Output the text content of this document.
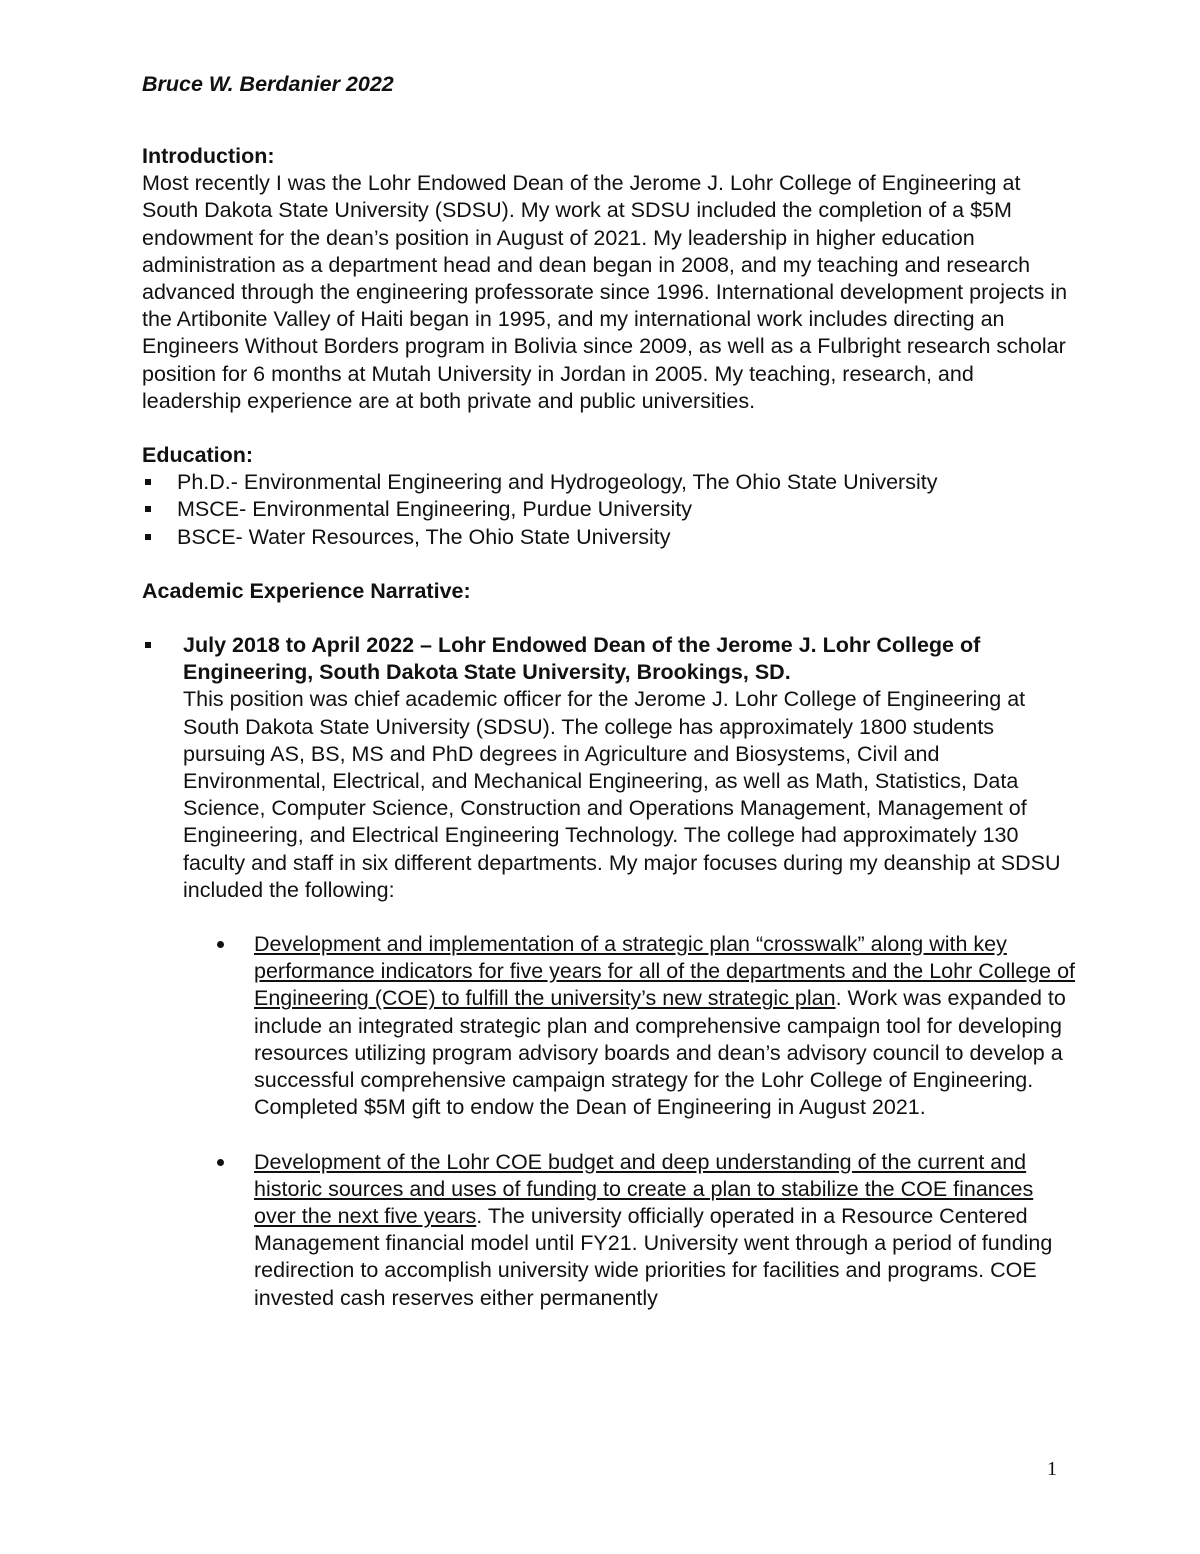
Bruce W. Berdanier 2022
Introduction:

Most recently I was the Lohr Endowed Dean of the Jerome J. Lohr College of Engineering at South Dakota State University (SDSU). My work at SDSU included the completion of a $5M endowment for the dean’s position in August of 2021. My leadership in higher education administration as a department head and dean began in 2008, and my teaching and research advanced through the engineering professorate since 1996. International development projects in the Artibonite Valley of Haiti began in 1995, and my international work includes directing an Engineers Without Borders program in Bolivia since 2009, as well as a Fulbright research scholar position for 6 months at Mutah University in Jordan in 2005. My teaching, research, and leadership experience are at both private and public universities.

Education:
Ph.D.- Environmental Engineering and Hydrogeology, The Ohio State University
MSCE- Environmental Engineering, Purdue University
BSCE- Water Resources, The Ohio State University
Academic Experience Narrative:
July 2018 to April 2022 – Lohr Endowed Dean of the Jerome J. Lohr College of Engineering, South Dakota State University, Brookings, SD.

This position was chief academic officer for the Jerome J. Lohr College of Engineering at South Dakota State University (SDSU). The college has approximately 1800 students pursuing AS, BS, MS and PhD degrees in Agriculture and Biosystems, Civil and Environmental, Electrical, and Mechanical Engineering, as well as Math, Statistics, Data Science, Computer Science, Construction and Operations Management, Management of Engineering, and Electrical Engineering Technology. The college had approximately 130 faculty and staff in six different departments. My major focuses during my deanship at SDSU included the following:

Development and implementation of a strategic plan “crosswalk” along with key performance indicators for five years for all of the departments and the Lohr College of Engineering (COE) to fulfill the university’s new strategic plan. Work was expanded to include an integrated strategic plan and comprehensive campaign tool for developing resources utilizing program advisory boards and dean’s advisory council to develop a successful comprehensive campaign strategy for the Lohr College of Engineering. Completed $5M gift to endow the Dean of Engineering in August 2021.
Development of the Lohr COE budget and deep understanding of the current and historic sources and uses of funding to create a plan to stabilize the COE finances over the next five years. The university officially operated in a Resource Centered Management financial model until FY21. University went through a period of funding redirection to accomplish university wide priorities for facilities and programs. COE invested cash reserves either permanently
1
